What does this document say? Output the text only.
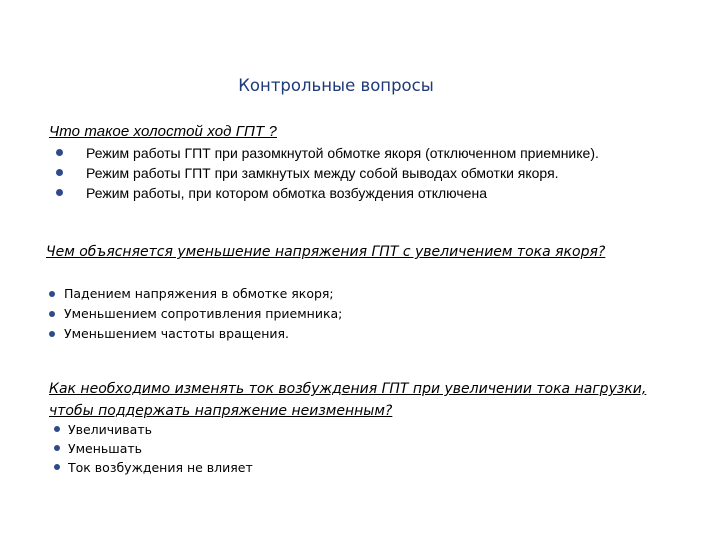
Контрольные вопросы
Что такое холостой ход ГПТ ?
Режим работы ГПТ при разомкнутой обмотке якоря (отключенном приемнике).
Режим работы ГПТ при замкнутых между собой выводах обмотки якоря.
Режим работы, при котором обмотка возбуждения отключена
Чем объясняется уменьшение напряжения ГПТ с увеличением тока якоря?
Падением напряжения в обмотке якоря;
Уменьшением сопротивления приемника;
Уменьшением частоты вращения.
Как необходимо изменять ток возбуждения ГПТ при увеличении тока нагрузки, чтобы поддержать напряжение неизменным?
Увеличивать
Уменьшать
Ток возбуждения не влияет
